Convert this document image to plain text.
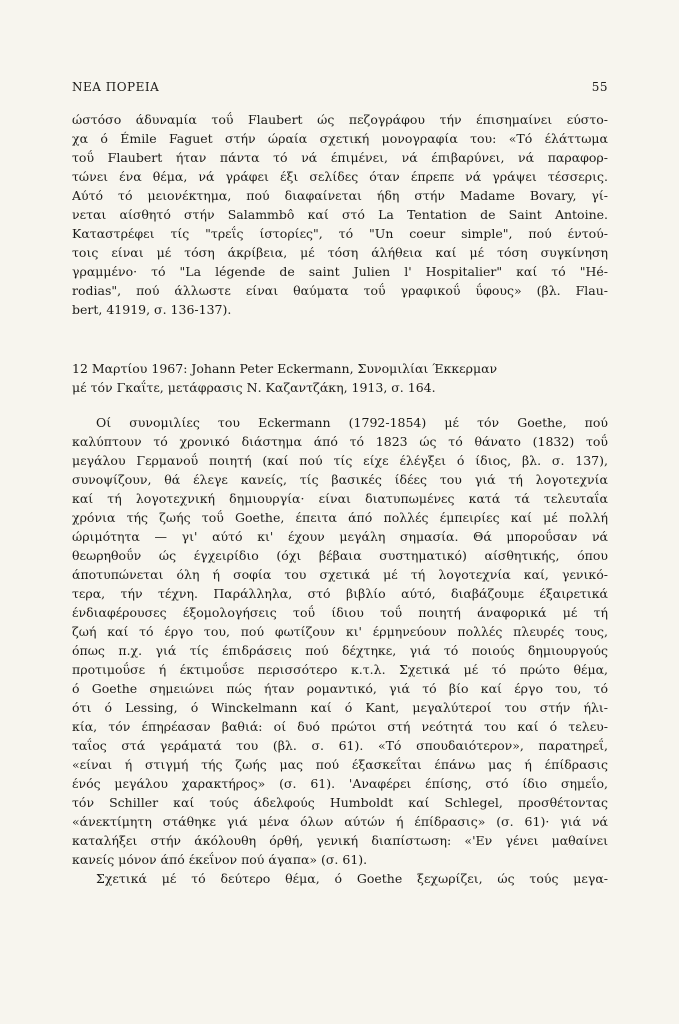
ΝΕΑ ΠΟΡΕΙΑ	55
ώστόσο άδυναμία τοΰ Flaubert ώς πεζογράφου τήν έπισημαίνει εύστο-
χα ό Émile Faguet στήν ώραία σχετική μονογραφία του: «Τό έλάττωμα
τοΰ Flaubert ήταν πάντα τό νά έπιμένει, νά έπιβαρύνει, νά παραφορ-
τώνει ένα θέμα, νά γράφει έξι σελίδες όταν έπρεπε νά γράψει τέσσερις.
Αύτό τό μειονέκτημα, πού διαφαίνεται ήδη στήν Madame Bovary, γί-
νεται αίσθητό στήν Salammbô καί στό La Tentation de Saint Antoine.
Καταστρέφει τίς "τρεΐς ίστορίες", τό "Un coeur simple", πού έντού-
τοις είναι μέ τόση άκρίβεια, μέ τόση άλήθεια καί μέ τόση συγκίνηση
γραμμένο· τό "La légende de saint Julien l' Hospitalier" καί τό "Hé-
rodias", πού άλλωστε είναι θαύματα τοΰ γραφικοΰ ΰφους» (βλ. Flau-
bert, 41919, σ. 136-137).
12 Μαρτίου 1967: Johann Peter Eckermann, Συνομιλίαι Έκκερμαν
μέ τόν Γκαΐτε, μετάφρασις Ν. Καζαντζάκη, 1913, σ. 164.
Οί συνομιλίες του Eckermann (1792-1854) μέ τόν Goethe, πού
καλύπτουν τό χρονικό διάστημα άπό τό 1823 ώς τό θάνατο (1832) τοΰ
μεγάλου Γερμανοΰ ποιητή (καί πού τίς είχε έλέγξει ό ίδιος, βλ. σ. 137),
συνοψίζουν, θά έλεγε κανείς, τίς βασικές ίδέες του γιά τή λογοτεχνία
καί τή λογοτεχνική δημιουργία· είναι διατυπωμένες κατά τά τελευταΐα
χρόνια τής ζωής τοΰ Goethe, έπειτα άπό πολλές έμπειρίες καί μέ πολλή
ώριμότητα — γι' αύτό κι' έχουν μεγάλη σημασία. Θά μποροΰσαν νά
θεωρηθοΰν ώς έγχειρίδιο (όχι βέβαια συστηματικό) αίσθητικής, όπου
άποτυπώνεται όλη ή σοφία του σχετικά μέ τή λογοτεχνία καί, γενικό-
τερα, τήν τέχνη. Παράλληλα, στό βιβλίο αύτό, διαβάζουμε έξαιρετικά
ένδιαφέρουσες έξομολογήσεις τοΰ ίδιου τοΰ ποιητή άναφορικά μέ τή
ζωή καί τό έργο του, πού φωτίζουν κι' έρμηνεύουν πολλές πλευρές τους,
όπως π.χ. γιά τίς έπιδράσεις πού δέχτηκε, γιά τό ποιούς δημιουργούς
προτιμοΰσε ή έκτιμοΰσε περισσότερο κ.τ.λ. Σχετικά μέ τό πρώτο θέμα,
ό Goethe σημειώνει πώς ήταν ρομαντικό, γιά τό βίο καί έργο του, τό
ότι ό Lessing, ό Winckelmann καί ό Kant, μεγαλύτεροί του στήν ήλι-
κία, τόν έπηρέασαν βαθιά: οί δυό πρώτοι στή νεότητά του καί ό τελευ-
ταΐος στά γεράματά του (βλ. σ. 61). «Τό σπουδαιότερον», παρατηρεΐ,
«είναι ή στιγμή τής ζωής μας πού έξασκεΐται έπάνω μας ή έπίδρασις
ένός μεγάλου χαρακτήρος» (σ. 61). 'Αναφέρει έπίσης, στό ίδιο σημεΐο,
τόν Schiller καί τούς άδελφούς Humboldt καί Schlegel, προσθέτοντας
«άνεκτίμητη στάθηκε γιά μένα όλων αύτών ή έπίδρασις» (σ. 61)· γιά νά
καταλήξει στήν άκόλουθη όρθή, γενική διαπίστωση: «'Εν γένει μαθαίνει
κανείς μόνον άπό έκεΐνον πού άγαπα» (σ. 61).
Σχετικά μέ τό δεύτερο θέμα, ό Goethe ξεχωρίζει, ώς τούς μεγα-
